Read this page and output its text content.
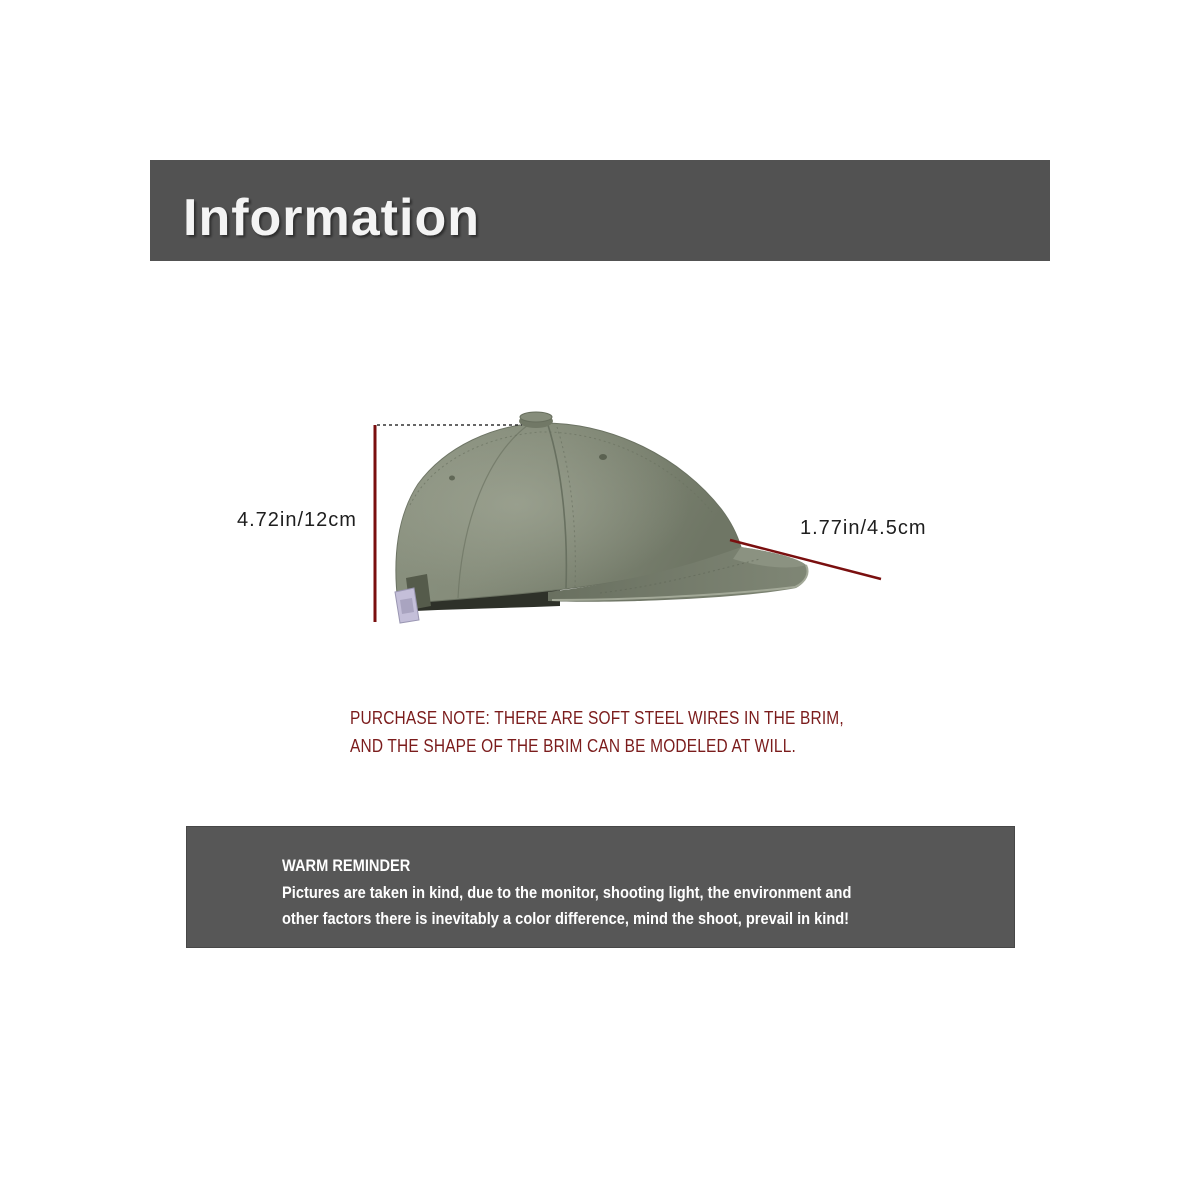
Information
4.72in/12cm	1.77in/4.5cm
PURCHASE NOTE: THERE ARE SOFT STEEL WIRES IN THE BRIM,
AND THE SHAPE OF THE BRIM CAN BE MODELED AT WILL.
WARM REMINDER
Pictures are taken in kind, due to the monitor, shooting light, the environment and
other factors there is inevitably a color difference, mind the shoot, prevail in kind!
